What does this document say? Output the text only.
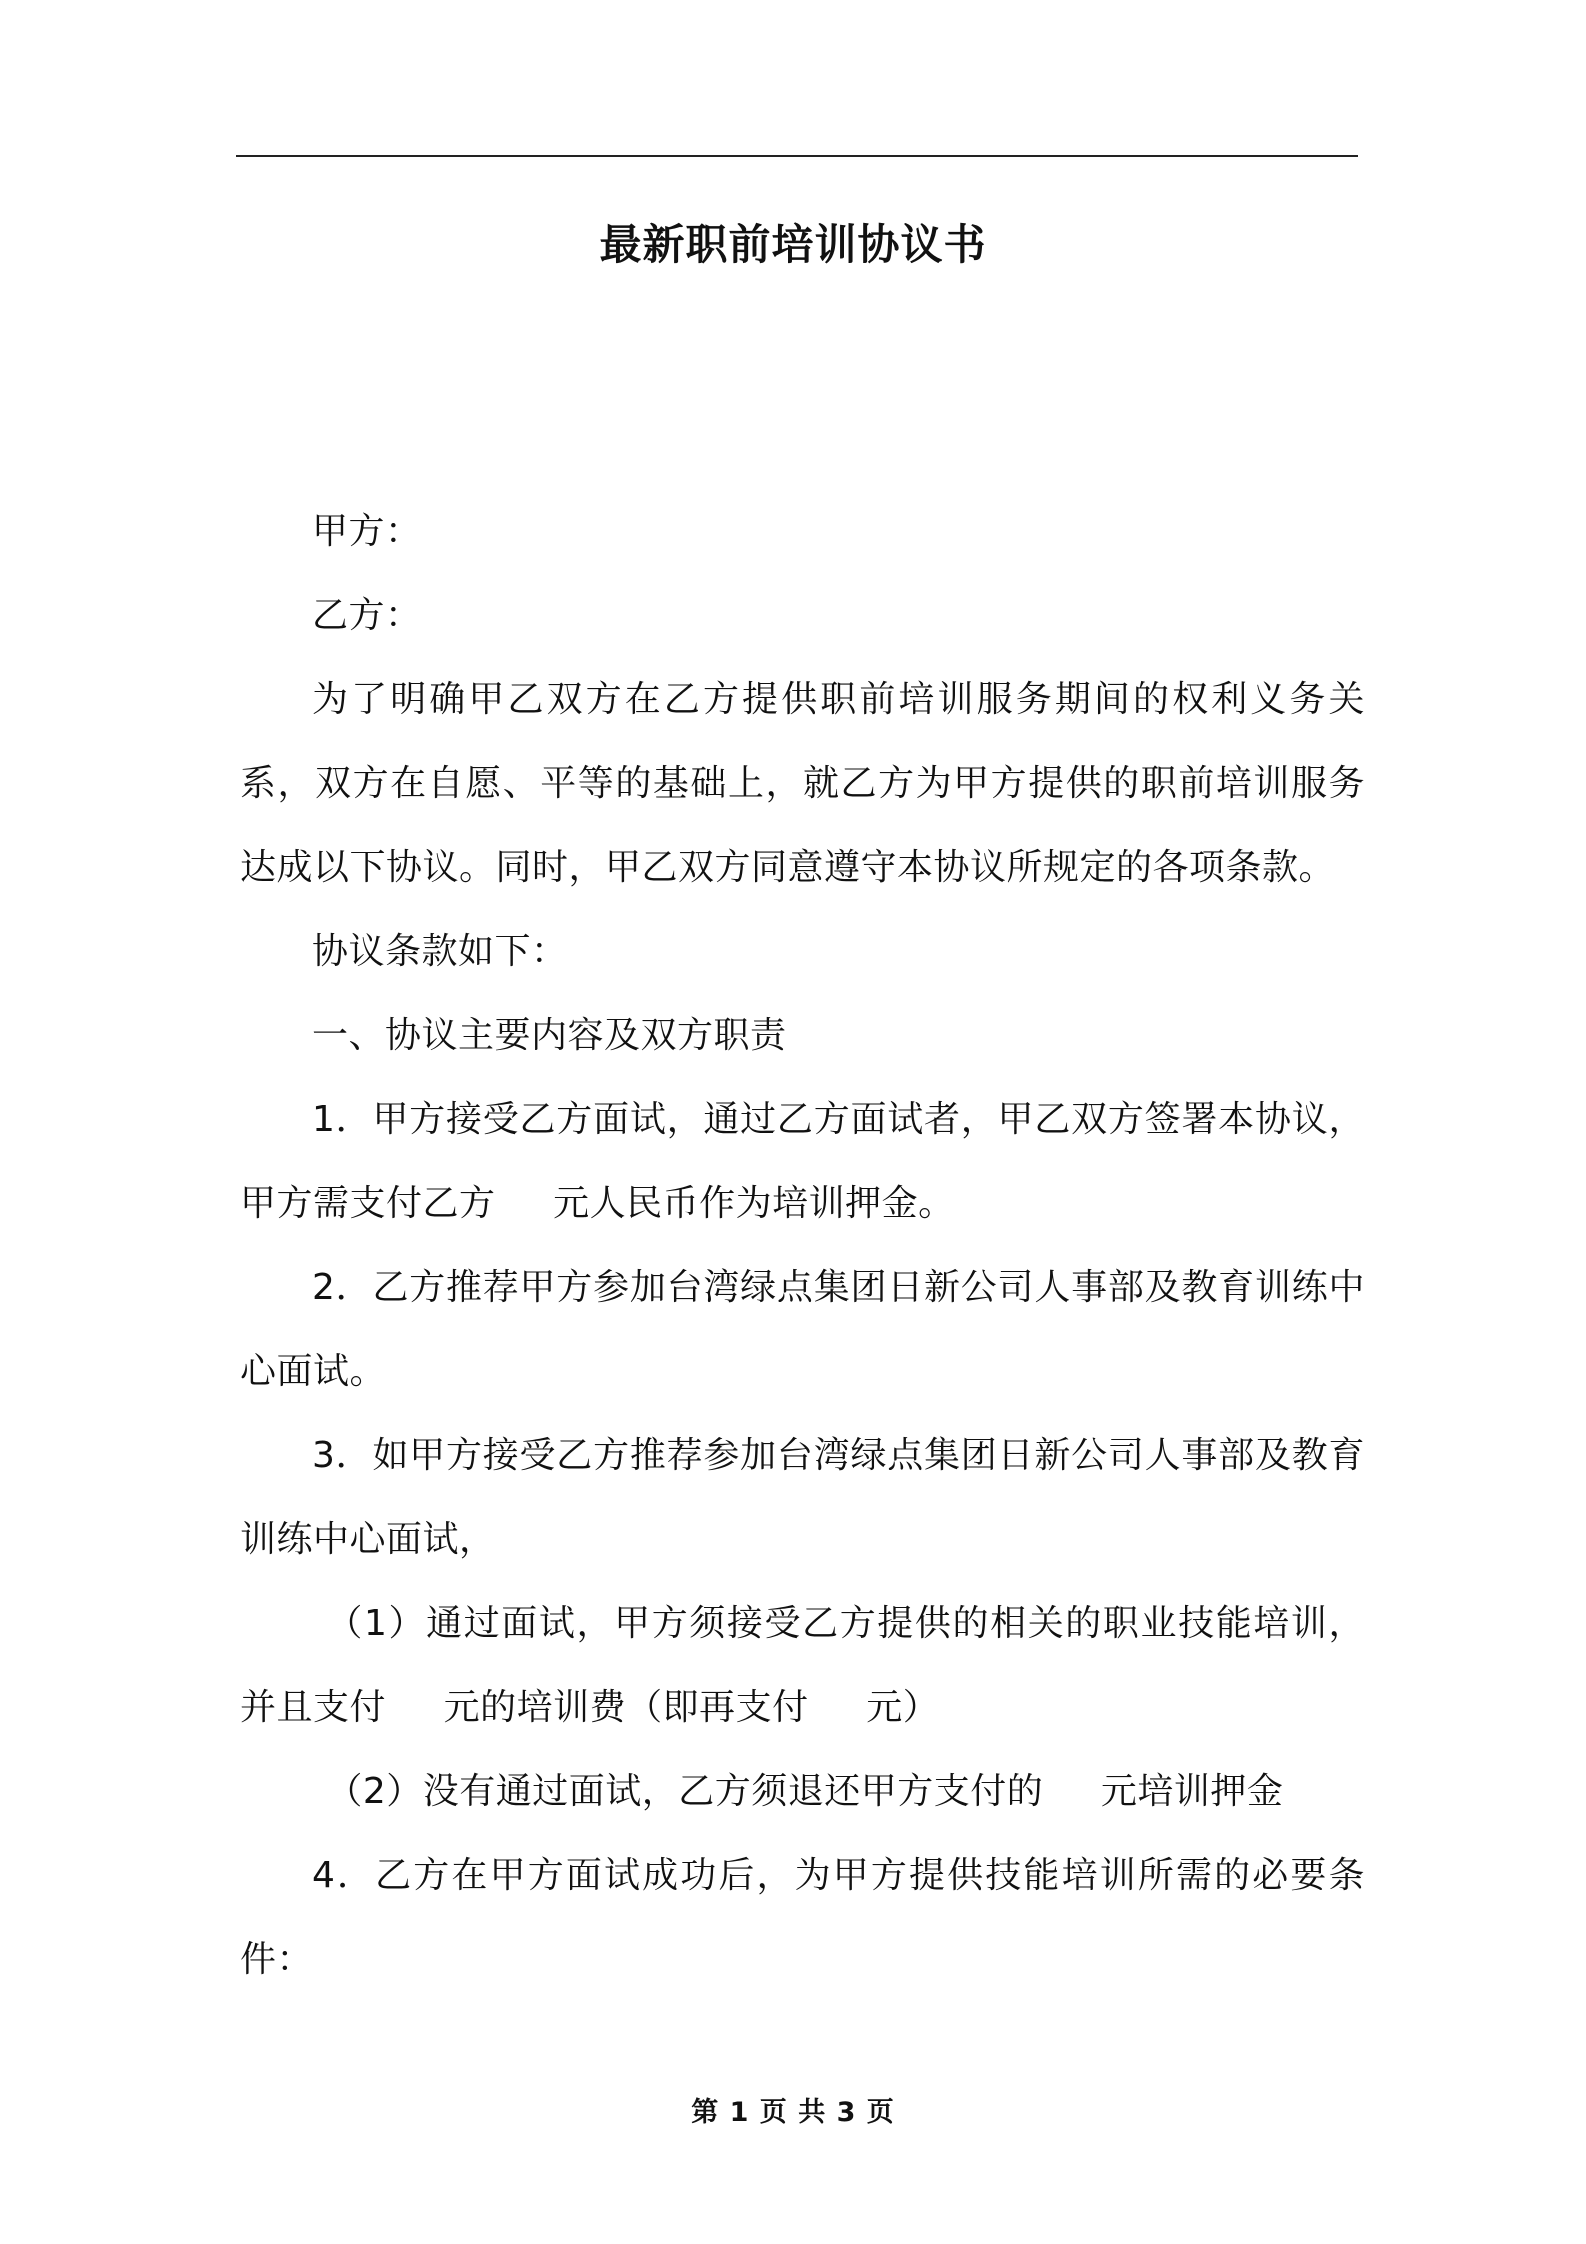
最新职前培训协议书

甲方：

乙方：

为了明确甲乙双方在乙方提供职前培训服务期间的权利义务关系，双方在自愿、平等的基础上，就乙方为甲方提供的职前培训服务达成以下协议。同时，甲乙双方同意遵守本协议所规定的各项条款。

协议条款如下：

一、协议主要内容及双方职责

1．甲方接受乙方面试，通过乙方面试者，甲乙双方签署本协议，甲方需支付乙方 元人民币作为培训押金。

2．乙方推荐甲方参加台湾绿点集团日新公司人事部及教育训练中心面试。

3．如甲方接受乙方推荐参加台湾绿点集团日新公司人事部及教育训练中心面试，

（1）通过面试，甲方须接受乙方提供的相关的职业技能培训，并且支付 元的培训费（即再支付 元）

（2）没有通过面试，乙方须退还甲方支付的 元培训押金

4．乙方在甲方面试成功后，为甲方提供技能培训所需的必要条件：

第 1 页 共 3 页
